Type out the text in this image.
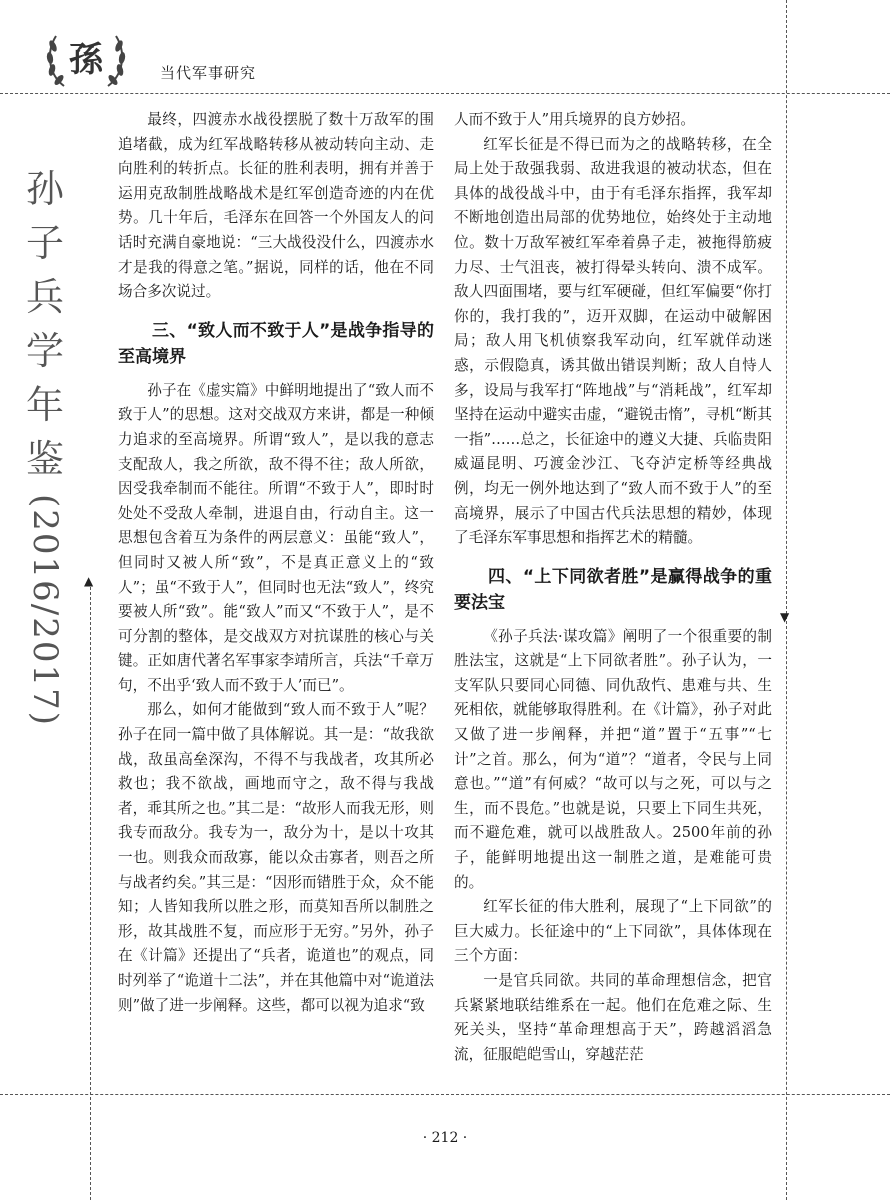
▲
▼
孫	当代军事研究
孙
子
兵
学
年
鉴
(2016/2017)

最终，四渡赤水战役摆脱了数十万敌军的围追堵截，成为红军战略转移从被动转向主动、走向胜利的转折点。长征的胜利表明，拥有并善于运用克敌制胜战略战术是红军创造奇迹的内在优势。几十年后，毛泽东在回答一个外国友人的问话时充满自豪地说：“三大战役没什么，四渡赤水才是我的得意之笔。”据说，同样的话，他在不同场合多次说过。

三、“致人而不致于人”是战争指导的至高境界

孙子在《虚实篇》中鲜明地提出了“致人而不致于人”的思想。这对交战双方来讲，都是一种倾力追求的至高境界。所谓“致人”，是以我的意志支配敌人，我之所欲，敌不得不往；敌人所欲，因受我牵制而不能往。所谓“不致于人”，即时时处处不受敌人牵制，进退自由，行动自主。这一思想包含着互为条件的两层意义：虽能“致人”，但同时又被人所“致”，不是真正意义上的“致人”；虽“不致于人”，但同时也无法“致人”，终究要被人所“致”。能“致人”而又“不致于人”，是不可分割的整体，是交战双方对抗谋胜的核心与关键。正如唐代著名军事家李靖所言，兵法“千章万句，不出乎‘致人而不致于人’而已”。

那么，如何才能做到“致人而不致于人”呢？孙子在同一篇中做了具体解说。其一是：“故我欲战，敌虽高垒深沟，不得不与我战者，攻其所必救也；我不欲战，画地而守之，敌不得与我战者，乖其所之也。”其二是：“故形人而我无形，则我专而敌分。我专为一，敌分为十，是以十攻其一也。则我众而敌寡，能以众击寡者，则吾之所与战者约矣。”其三是：“因形而错胜于众，众不能知；人皆知我所以胜之形，而莫知吾所以制胜之形，故其战胜不复，而应形于无穷。”另外，孙子在《计篇》还提出了“兵者，诡道也”的观点，同时列举了“诡道十二法”，并在其他篇中对“诡道法则”做了进一步阐释。这些，都可以视为追求“致

人而不致于人”用兵境界的良方妙招。

红军长征是不得已而为之的战略转移，在全局上处于敌强我弱、敌进我退的被动状态，但在具体的战役战斗中，由于有毛泽东指挥，我军却不断地创造出局部的优势地位，始终处于主动地位。数十万敌军被红军牵着鼻子走，被拖得筋疲力尽、士气沮丧，被打得晕头转向、溃不成军。敌人四面围堵，要与红军硬碰，但红军偏要“你打你的，我打我的”，迈开双脚，在运动中破解困局；敌人用飞机侦察我军动向，红军就佯动迷惑，示假隐真，诱其做出错误判断；敌人自恃人多，设局与我军打“阵地战”与“消耗战”，红军却坚持在运动中避实击虚，“避锐击惰”，寻机“断其一指”……总之，长征途中的遵义大捷、兵临贵阳威逼昆明、巧渡金沙江、飞夺泸定桥等经典战例，均无一例外地达到了“致人而不致于人”的至高境界，展示了中国古代兵法思想的精妙，体现了毛泽东军事思想和指挥艺术的精髓。

四、“上下同欲者胜”是赢得战争的重要法宝

《孙子兵法·谋攻篇》阐明了一个很重要的制胜法宝，这就是“上下同欲者胜”。孙子认为，一支军队只要同心同德、同仇敌忾、患难与共、生死相依，就能够取得胜利。在《计篇》，孙子对此又做了进一步阐释，并把“道”置于“五事”“七计”之首。那么，何为“道”？“道者，令民与上同意也。”“道”有何威？“故可以与之死，可以与之生，而不畏危。”也就是说，只要上下同生共死，而不避危难，就可以战胜敌人。2500年前的孙子，能鲜明地提出这一制胜之道，是难能可贵的。

红军长征的伟大胜利，展现了“上下同欲”的巨大威力。长征途中的“上下同欲”，具体体现在三个方面：

一是官兵同欲。共同的革命理想信念，把官兵紧紧地联结维系在一起。他们在危难之际、生死关头，坚持“革命理想高于天”，跨越滔滔急流，征服皑皑雪山，穿越茫茫

· 212 ·
